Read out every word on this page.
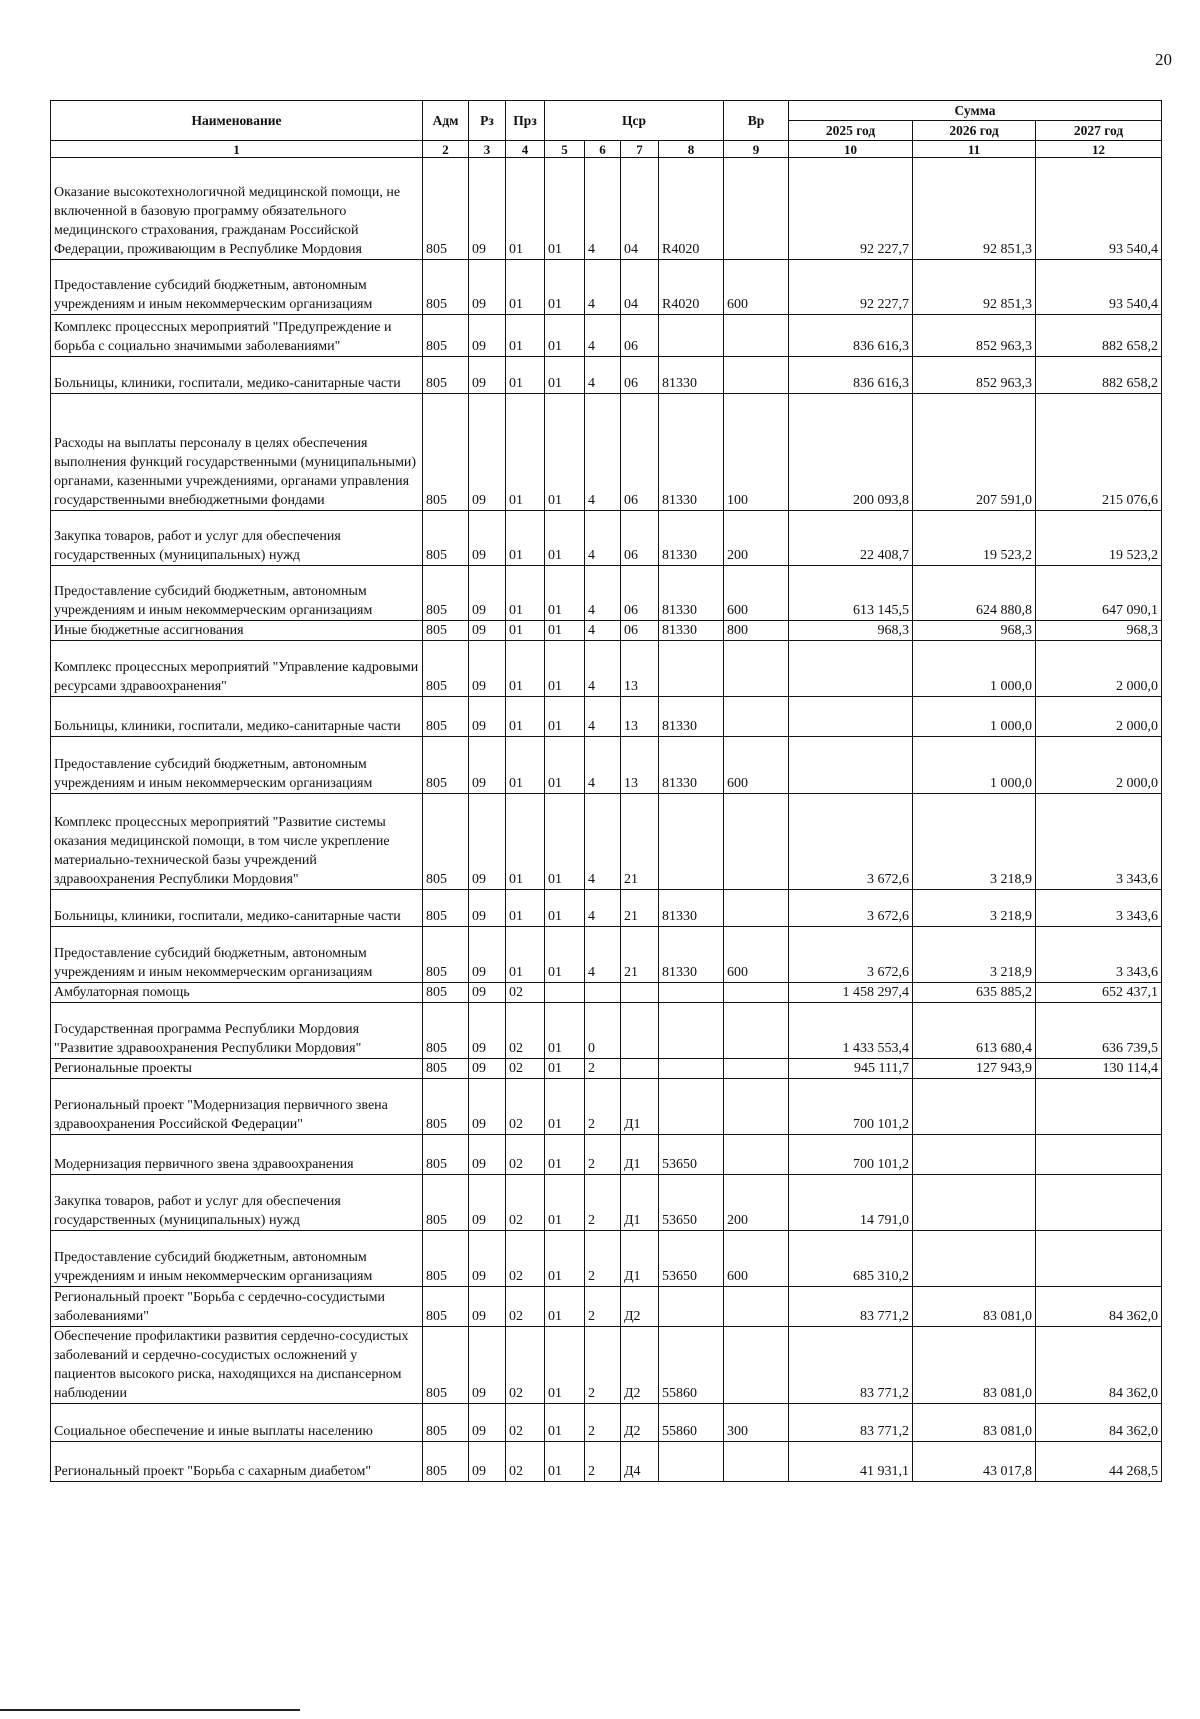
20
Наименование	Адм	Рз	Прз	Цср				Вр	Сумма		
									2025 год	2026 год	2027 год
1	2	3	4	5	6	7	8	9	10	11	12
Оказание высокотехнологичной медицинской помощи, не включенной в базовую программу обязательного медицинского страхования, гражданам Российской Федерации, проживающим в Республике Мордовия	805	09	01	01	4	04	R4020		92 227,7	92 851,3	93 540,4
Предоставление субсидий бюджетным, автономным учреждениям и иным некоммерческим организациям	805	09	01	01	4	04	R4020	600	92 227,7	92 851,3	93 540,4
Комплекс процессных мероприятий "Предупреждение и борьба с социально значимыми заболеваниями"	805	09	01	01	4	06			836 616,3	852 963,3	882 658,2
Больницы, клиники, госпитали, медико-санитарные части	805	09	01	01	4	06	81330		836 616,3	852 963,3	882 658,2
Расходы на выплаты персоналу в целях обеспечения выполнения функций государственными (муниципальными) органами, казенными учреждениями, органами управления государственными внебюджетными фондами	805	09	01	01	4	06	81330	100	200 093,8	207 591,0	215 076,6
Закупка товаров, работ и услуг для обеспечения государственных (муниципальных) нужд	805	09	01	01	4	06	81330	200	22 408,7	19 523,2	19 523,2
Предоставление субсидий бюджетным, автономным учреждениям и иным некоммерческим организациям	805	09	01	01	4	06	81330	600	613 145,5	624 880,8	647 090,1
Иные бюджетные ассигнования	805	09	01	01	4	06	81330	800	968,3	968,3	968,3
Комплекс процессных мероприятий "Управление кадровыми ресурсами здравоохранения"	805	09	01	01	4	13				1 000,0	2 000,0
Больницы, клиники, госпитали, медико-санитарные части	805	09	01	01	4	13	81330			1 000,0	2 000,0
Предоставление субсидий бюджетным, автономным учреждениям и иным некоммерческим организациям	805	09	01	01	4	13	81330	600		1 000,0	2 000,0
Комплекс процессных мероприятий "Развитие системы оказания медицинской помощи, в том числе укрепление материально-технической базы учреждений здравоохранения Республики Мордовия"	805	09	01	01	4	21			3 672,6	3 218,9	3 343,6
Больницы, клиники, госпитали, медико-санитарные части	805	09	01	01	4	21	81330		3 672,6	3 218,9	3 343,6
Предоставление субсидий бюджетным, автономным учреждениям и иным некоммерческим организациям	805	09	01	01	4	21	81330	600	3 672,6	3 218,9	3 343,6
Амбулаторная помощь	805	09	02						1 458 297,4	635 885,2	652 437,1
Государственная программа Республики Мордовия "Развитие здравоохранения Республики Мордовия"	805	09	02	01	0				1 433 553,4	613 680,4	636 739,5
Региональные проекты	805	09	02	01	2				945 111,7	127 943,9	130 114,4
Региональный проект "Модернизация первичного звена здравоохранения Российской Федерации"	805	09	02	01	2	Д1			700 101,2		
Модернизация первичного звена здравоохранения	805	09	02	01	2	Д1	53650		700 101,2		
Закупка товаров, работ и услуг для обеспечения государственных (муниципальных) нужд	805	09	02	01	2	Д1	53650	200	14 791,0		
Предоставление субсидий бюджетным, автономным учреждениям и иным некоммерческим организациям	805	09	02	01	2	Д1	53650	600	685 310,2		
Региональный проект "Борьба с сердечно-сосудистыми заболеваниями"	805	09	02	01	2	Д2			83 771,2	83 081,0	84 362,0
Обеспечение профилактики развития сердечно-сосудистых заболеваний и сердечно-сосудистых осложнений у пациентов высокого риска, находящихся на диспансерном наблюдении	805	09	02	01	2	Д2	55860		83 771,2	83 081,0	84 362,0
Социальное обеспечение и иные выплаты населению	805	09	02	01	2	Д2	55860	300	83 771,2	83 081,0	84 362,0
Региональный проект "Борьба с сахарным диабетом"	805	09	02	01	2	Д4			41 931,1	43 017,8	44 268,5
